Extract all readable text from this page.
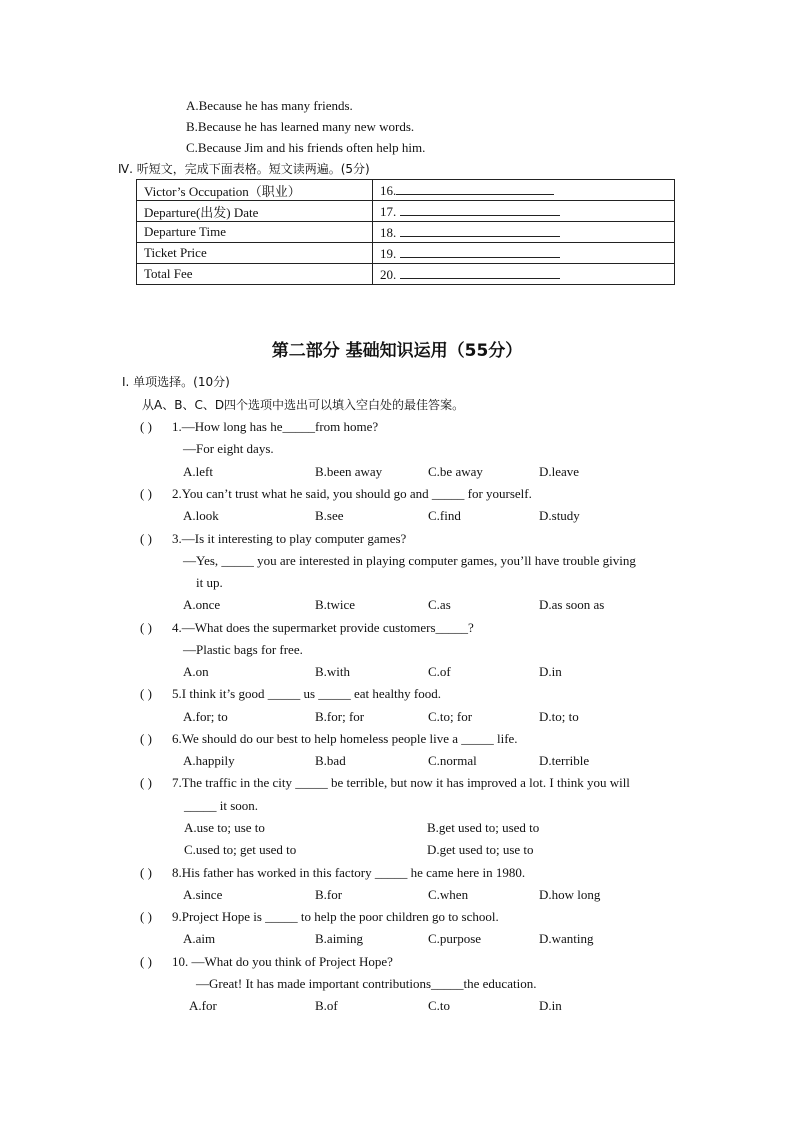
A.Because he has many friends.
B.Because he has learned many new words.
C.Because Jim and his friends often help him.
Ⅳ. 听短文，完成下面表格。短文读两遍。(5分)
Victor’s Occupation（职业）	16.
Departure(出发) Date	17.
Departure Time	18.
Ticket Price	19.
Total Fee	20.
第二部分 基础知识运用（55分）
Ⅰ. 单项选择。(10分)
从A、B、C、D四个选项中选出可以填入空白处的最佳答案。
( ) 1.—How long has he_____from home?
—For eight days.
A.left	B.been away	C.be away	D.leave
( ) 2.You can’t trust what he said, you should go and _____ for yourself.
A.look	B.see	C.find	D.study
( ) 3.—Is it interesting to play computer games?
—Yes, _____ you are interested in playing computer games, you’ll have trouble giving
it up.
A.once	B.twice	C.as	D.as soon as
( ) 4.—What does the supermarket provide customers_____?
—Plastic bags for free.
A.on	B.with	C.of	D.in
( ) 5.I think it’s good _____ us _____ eat healthy food.
A.for; to	B.for; for	C.to; for	D.to; to
( ) 6.We should do our best to help homeless people live a _____ life.
A.happily	B.bad	C.normal	D.terrible
( ) 7.The traffic in the city _____ be terrible, but now it has improved a lot. I think you will
_____ it soon.
A.use to; use to	B.get used to; used to
C.used to; get used to	D.get used to; use to
( ) 8.His father has worked in this factory _____ he came here in 1980.
A.since	B.for	C.when	D.how long
( ) 9.Project Hope is _____ to help the poor children go to school.
A.aim	B.aiming	C.purpose	D.wanting
( ) 10. —What do you think of Project Hope?
—Great! It has made important contributions_____the education.
A.for	B.of	C.to	D.in
